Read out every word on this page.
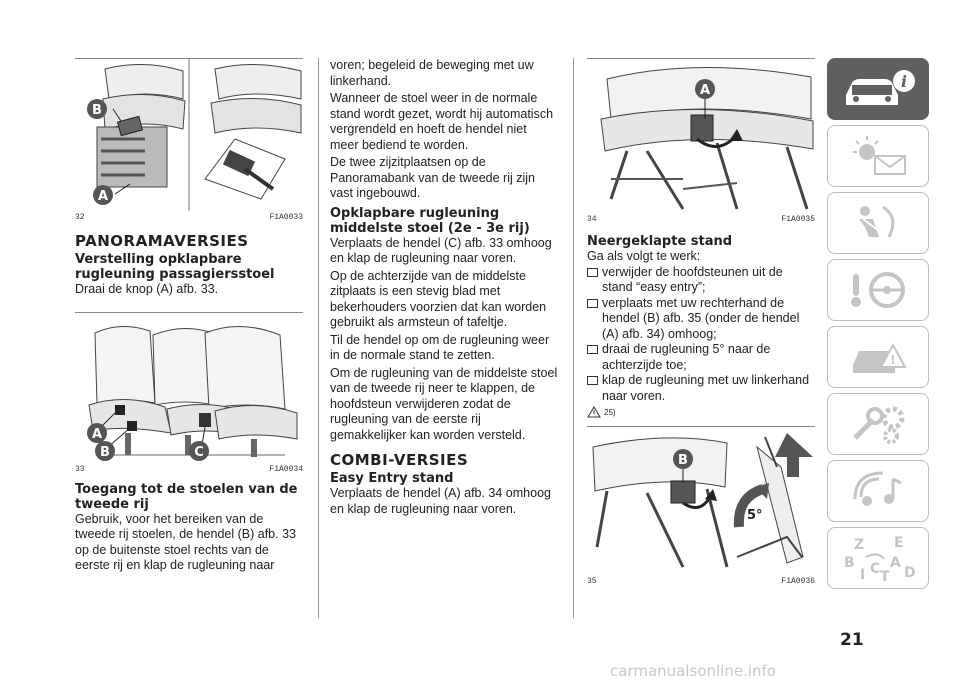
B
A
32	F1A0033
PANORAMAVERSIES
Verstelling opklapbare rugleuning passagiersstoel

Draai de knop (A) afb. 33.

A
B	C
33	F1A0034
Toegang tot de stoelen van de tweede rij

Gebruik, voor het bereiken van de tweede rij stoelen, de hendel (B) afb. 33 op de buitenste stoel rechts van de eerste rij en klap de rugleuning naar

voren; begeleid de beweging met uw linkerhand.

Wanneer de stoel weer in de normale stand wordt gezet, wordt hij automatisch vergrendeld en hoeft de hendel niet meer bediend te worden.

De twee zijzitplaatsen op de Panoramabank van de tweede rij zijn vast ingebouwd.

Opklapbare rugleuning middelste stoel (2e - 3e rij)

Verplaats de hendel (C) afb. 33 omhoog en klap de rugleuning naar voren.

Op de achterzijde van de middelste zitplaats is een stevig blad met bekerhouders voorzien dat kan worden gebruikt als armsteun of tafeltje.

Til de hendel op om de rugleuning weer in de normale stand te zetten.

Om de rugleuning van de middelste stoel van de tweede rij neer te klappen, de hoofdsteun verwijderen zodat de rugleuning van de eerste rij gemakkelijker kan worden versteld.

COMBI-VERSIES
Easy Entry stand

Verplaats de hendel (A) afb. 34 omhoog en klap de rugleuning naar voren.

A
34	F1A0035
Neergeklapte stand

Ga als volgt te werk:

verwijder de hoofdsteunen uit de stand “easy entry”;
verplaats met uw rechterhand de hendel (B) afb. 35 (onder de hendel (A) afb. 34) omhoog;
draai de rugleuning 5° naar de achterzijde toe;
klap de rugleuning met uw linkerhand naar voren.
25)
B
5°
35	F1A0036
i
!
Z E
B	A
D
I C T
21
carmanualsonline.info
